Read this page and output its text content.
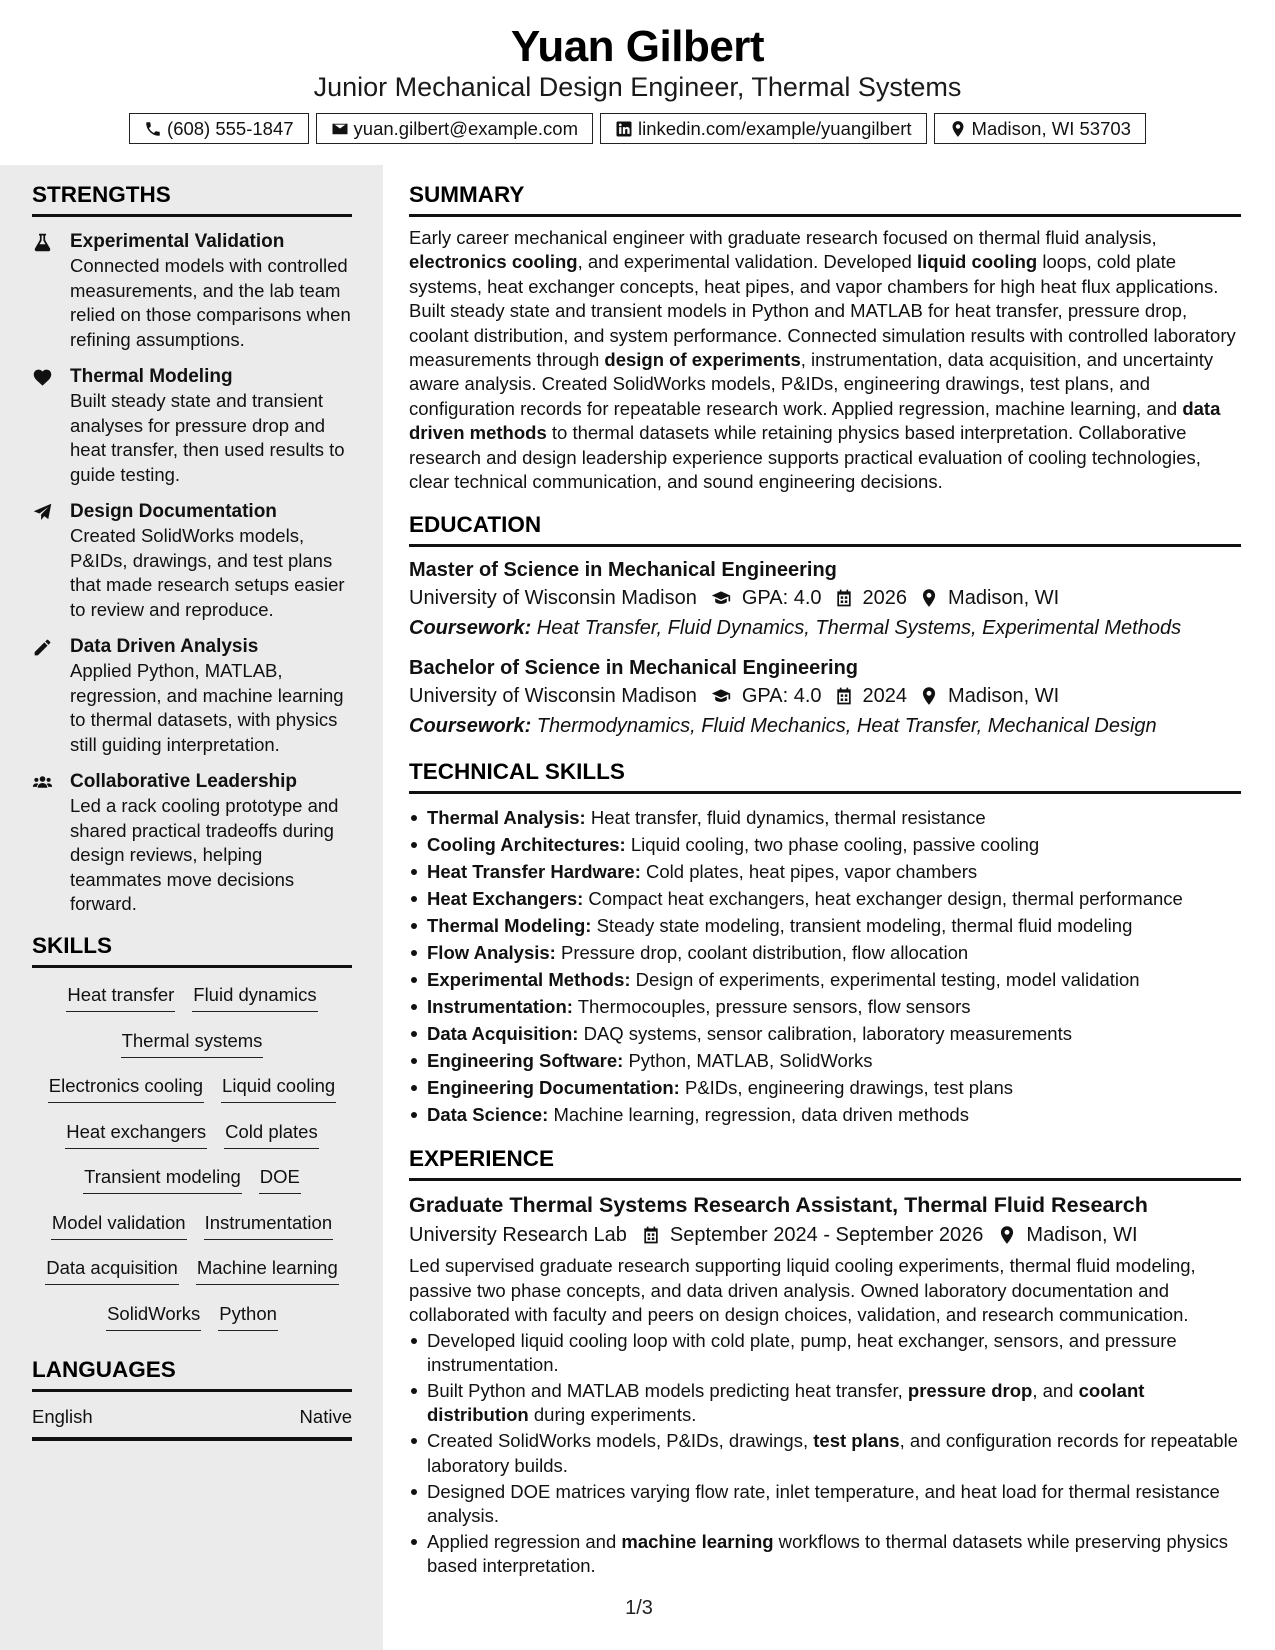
Yuan Gilbert
Junior Mechanical Design Engineer, Thermal Systems
(608) 555-1847	yuan.gilbert@example.com	linkedin.com/example/yuangilbert	Madison, WI 53703
STRENGTHS
Experimental Validation
Connected models with controlled measurements, and the lab team relied on those comparisons when refining assumptions.
Thermal Modeling
Built steady state and transient analyses for pressure drop and heat transfer, then used results to guide testing.
Design Documentation
Created SolidWorks models, P&IDs, drawings, and test plans that made research setups easier to review and reproduce.
Data Driven Analysis
Applied Python, MATLAB, regression, and machine learning to thermal datasets, with physics still guiding interpretation.
Collaborative Leadership
Led a rack cooling prototype and shared practical tradeoffs during design reviews, helping teammates move decisions forward.
SKILLS
Heat transfer Fluid dynamics
Thermal systems
Electronics cooling Liquid cooling
Heat exchangers Cold plates
Transient modeling DOE
Model validation Instrumentation
Data acquisition Machine learning
SolidWorks Python
LANGUAGES
English	Native
SUMMARY

Early career mechanical engineer with graduate research focused on thermal fluid analysis, electronics cooling, and experimental validation. Developed liquid cooling loops, cold plate systems, heat exchanger concepts, heat pipes, and vapor chambers for high heat flux applications. Built steady state and transient models in Python and MATLAB for heat transfer, pressure drop, coolant distribution, and system performance. Connected simulation results with controlled laboratory measurements through design of experiments, instrumentation, data acquisition, and uncertainty aware analysis. Created SolidWorks models, P&IDs, engineering drawings, test plans, and configuration records for repeatable research work. Applied regression, machine learning, and data driven methods to thermal datasets while retaining physics based interpretation. Collaborative research and design leadership experience supports practical evaluation of cooling technologies, clear technical communication, and sound engineering decisions.

EDUCATION
Master of Science in Mechanical Engineering
University of Wisconsin Madison GPA: 4.0 2026 Madison, WI
Coursework: Heat Transfer, Fluid Dynamics, Thermal Systems, Experimental Methods
Bachelor of Science in Mechanical Engineering
University of Wisconsin Madison GPA: 4.0 2024 Madison, WI
Coursework: Thermodynamics, Fluid Mechanics, Heat Transfer, Mechanical Design
TECHNICAL SKILLS
Thermal Analysis: Heat transfer, fluid dynamics, thermal resistance
Cooling Architectures: Liquid cooling, two phase cooling, passive cooling
Heat Transfer Hardware: Cold plates, heat pipes, vapor chambers
Heat Exchangers: Compact heat exchangers, heat exchanger design, thermal performance
Thermal Modeling: Steady state modeling, transient modeling, thermal fluid modeling
Flow Analysis: Pressure drop, coolant distribution, flow allocation
Experimental Methods: Design of experiments, experimental testing, model validation
Instrumentation: Thermocouples, pressure sensors, flow sensors
Data Acquisition: DAQ systems, sensor calibration, laboratory measurements
Engineering Software: Python, MATLAB, SolidWorks
Engineering Documentation: P&IDs, engineering drawings, test plans
Data Science: Machine learning, regression, data driven methods
EXPERIENCE
Graduate Thermal Systems Research Assistant, Thermal Fluid Research
University Research Lab September 2024 - September 2026 Madison, WI

Led supervised graduate research supporting liquid cooling experiments, thermal fluid modeling, passive two phase concepts, and data driven analysis. Owned laboratory documentation and collaborated with faculty and peers on design choices, validation, and research communication.

Developed liquid cooling loop with cold plate, pump, heat exchanger, sensors, and pressure instrumentation.
Built Python and MATLAB models predicting heat transfer, pressure drop, and coolant distribution during experiments.
Created SolidWorks models, P&IDs, drawings, test plans, and configuration records for repeatable laboratory builds.
Designed DOE matrices varying flow rate, inlet temperature, and heat load for thermal resistance analysis.
Applied regression and machine learning workflows to thermal datasets while preserving physics based interpretation.
1/3
